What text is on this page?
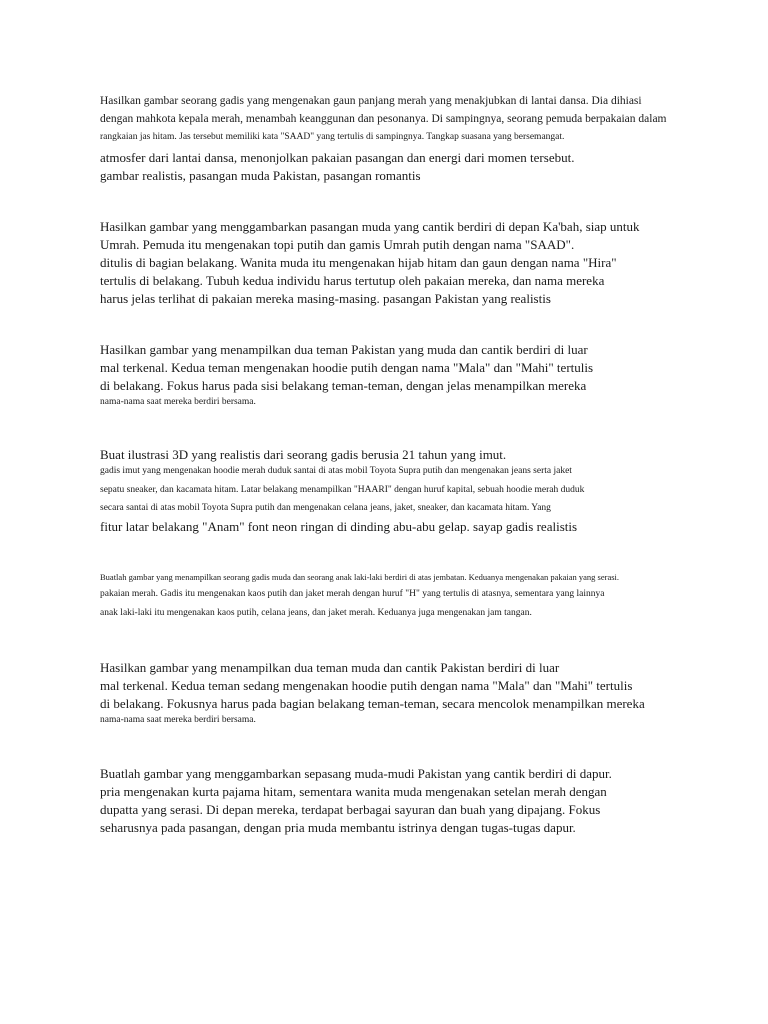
Hasilkan gambar seorang gadis yang mengenakan gaun panjang merah yang menakjubkan di lantai dansa. Dia dihiasi
dengan mahkota kepala merah, menambah keanggunan dan pesonanya. Di sampingnya, seorang pemuda berpakaian dalam
rangkaian jas hitam. Jas tersebut memiliki kata "SAAD" yang tertulis di sampingnya. Tangkap suasana yang bersemangat.
atmosfer dari lantai dansa, menonjolkan pakaian pasangan dan energi dari momen tersebut.
gambar realistis, pasangan muda Pakistan, pasangan romantis
Hasilkan gambar yang menggambarkan pasangan muda yang cantik berdiri di depan Ka'bah, siap untuk
Umrah. Pemuda itu mengenakan topi putih dan gamis Umrah putih dengan nama "SAAD".
ditulis di bagian belakang. Wanita muda itu mengenakan hijab hitam dan gaun dengan nama "Hira"
tertulis di belakang. Tubuh kedua individu harus tertutup oleh pakaian mereka, dan nama mereka
harus jelas terlihat di pakaian mereka masing-masing. pasangan Pakistan yang realistis
Hasilkan gambar yang menampilkan dua teman Pakistan yang muda dan cantik berdiri di luar
mal terkenal. Kedua teman mengenakan hoodie putih dengan nama "Mala" dan "Mahi" tertulis
di belakang. Fokus harus pada sisi belakang teman-teman, dengan jelas menampilkan mereka
nama-nama saat mereka berdiri bersama.
Buat ilustrasi 3D yang realistis dari seorang gadis berusia 21 tahun yang imut.
gadis imut yang mengenakan hoodie merah duduk santai di atas mobil Toyota Supra putih dan mengenakan jeans serta jaket
sepatu sneaker, dan kacamata hitam. Latar belakang menampilkan "HAARI" dengan huruf kapital, sebuah hoodie merah duduk
secara santai di atas mobil Toyota Supra putih dan mengenakan celana jeans, jaket, sneaker, dan kacamata hitam. Yang
fitur latar belakang "Anam" font neon ringan di dinding abu-abu gelap. sayap gadis realistis
Buatlah gambar yang menampilkan seorang gadis muda dan seorang anak laki-laki berdiri di atas jembatan. Keduanya mengenakan pakaian yang serasi.
pakaian merah. Gadis itu mengenakan kaos putih dan jaket merah dengan huruf "H" yang tertulis di atasnya, sementara yang lainnya
anak laki-laki itu mengenakan kaos putih, celana jeans, dan jaket merah. Keduanya juga mengenakan jam tangan.
Hasilkan gambar yang menampilkan dua teman muda dan cantik Pakistan berdiri di luar
mal terkenal. Kedua teman sedang mengenakan hoodie putih dengan nama "Mala" dan "Mahi" tertulis
di belakang. Fokusnya harus pada bagian belakang teman-teman, secara mencolok menampilkan mereka
nama-nama saat mereka berdiri bersama.
Buatlah gambar yang menggambarkan sepasang muda-mudi Pakistan yang cantik berdiri di dapur.
pria mengenakan kurta pajama hitam, sementara wanita muda mengenakan setelan merah dengan
dupatta yang serasi. Di depan mereka, terdapat berbagai sayuran dan buah yang dipajang. Fokus
seharusnya pada pasangan, dengan pria muda membantu istrinya dengan tugas-tugas dapur.
